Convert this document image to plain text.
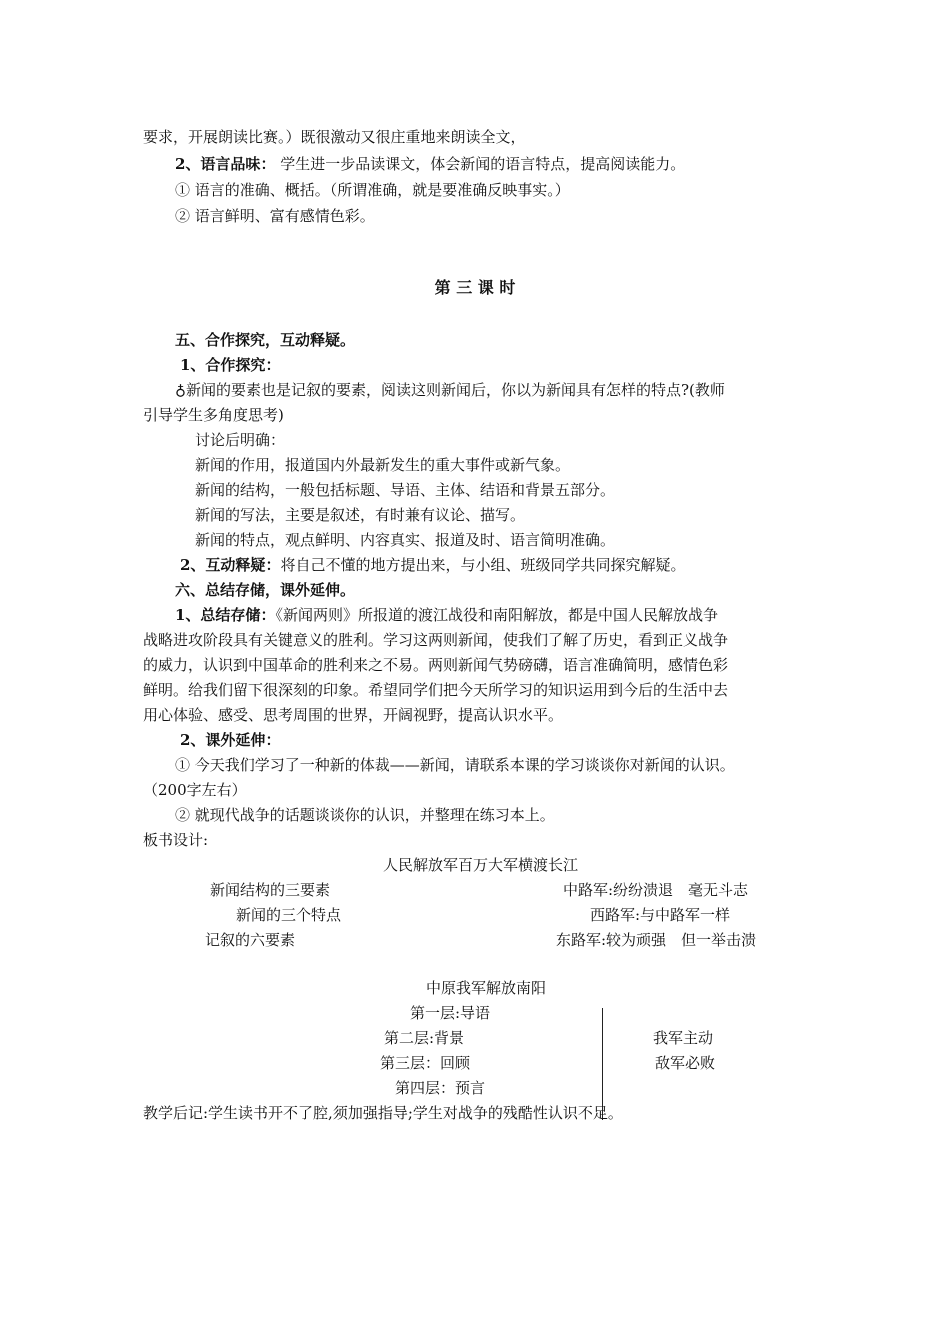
要求，开展朗读比赛。）既很激动又很庄重地来朗读全文，
2、语言品味： 学生进一步品读课文，体会新闻的语言特点，提高阅读能力。
① 语言的准确、概括。（所谓准确，就是要准确反映事实。）
② 语言鲜明、富有感情色彩。
第 三 课 时
五、合作探究，互动释疑。
1、合作探究：
♁新闻的要素也是记叙的要素，阅读这则新闻后，你以为新闻具有怎样的特点?(教师
引导学生多角度思考)
讨论后明确：
新闻的作用，报道国内外最新发生的重大事件或新气象。
新闻的结构，一般包括标题、导语、主体、结语和背景五部分。
新闻的写法，主要是叙述，有时兼有议论、描写。
新闻的特点，观点鲜明、内容真实、报道及时、语言简明准确。
2、互动释疑：将自己不懂的地方提出来，与小组、班级同学共同探究解疑。
六、总结存储，课外延伸。
1、总结存储：《新闻两则》所报道的渡江战役和南阳解放，都是中国人民解放战争
战略进攻阶段具有关键意义的胜利。学习这两则新闻，使我们了解了历史，看到正义战争
的威力，认识到中国革命的胜利来之不易。两则新闻气势磅礴，语言准确简明，感情色彩
鲜明。给我们留下很深刻的印象。希望同学们把今天所学习的知识运用到今后的生活中去
用心体验、感受、思考周围的世界，开阔视野，提高认识水平。
2、课外延伸：
① 今天我们学习了一种新的体裁——新闻，请联系本课的学习谈谈你对新闻的认识。
（200字左右）
② 就现代战争的话题谈谈你的认识，并整理在练习本上。
板书设计:
人民解放军百万大军横渡长江
新闻结构的三要素
新闻的三个特点
记叙的六要素
中路军:纷纷溃退　毫无斗志
西路军:与中路军一样
东路军:较为顽强　但一举击溃
中原我军解放南阳
第一层:导语
第二层:背景
第三层：回顾
第四层：预言
我军主动
敌军必败
教学后记:学生读书开不了腔,须加强指导;学生对战争的残酷性认识不足。
